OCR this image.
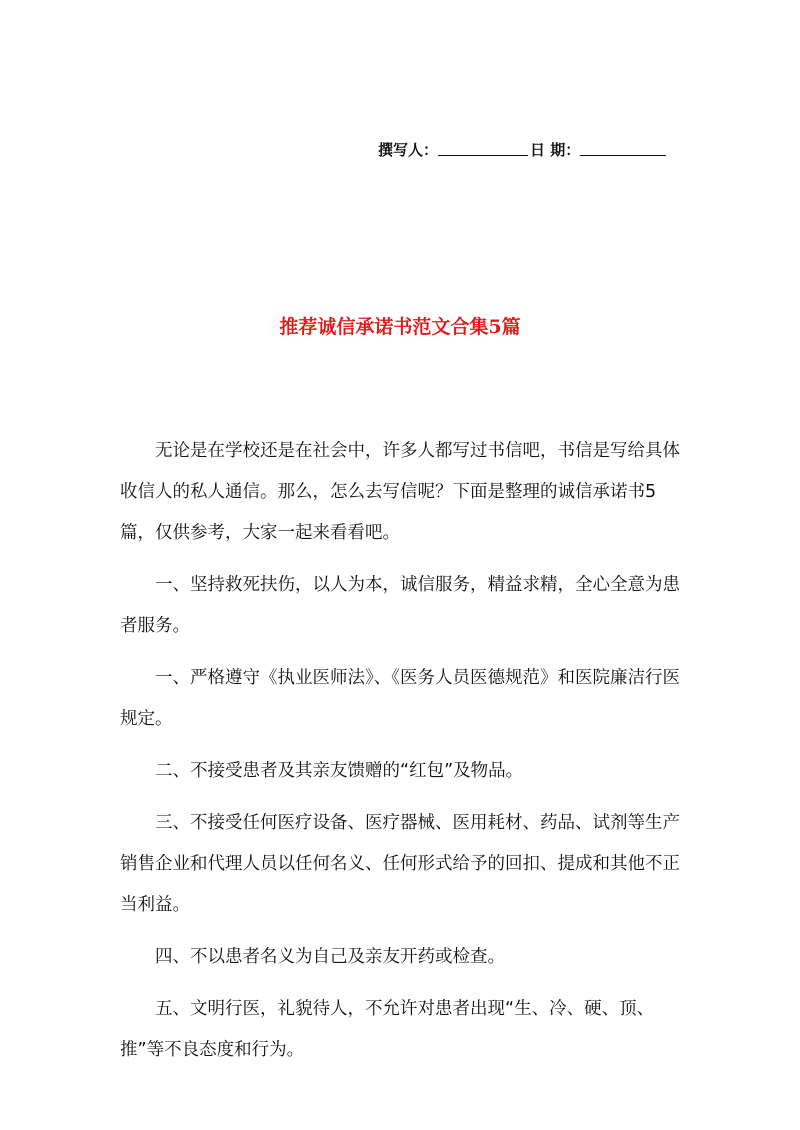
撰写人：	日 期：
推荐诚信承诺书范文合集5篇

无论是在学校还是在社会中，许多人都写过书信吧，书信是写给具体收信人的私人通信。那么，怎么去写信呢？下面是整理的诚信承诺书5篇，仅供参考，大家一起来看看吧。

一、坚持救死扶伤，以人为本，诚信服务，精益求精，全心全意为患者服务。

一、严格遵守《执业医师法》、《医务人员医德规范》和医院廉洁行医规定。

二、不接受患者及其亲友馈赠的“红包”及物品。

三、不接受任何医疗设备、医疗器械、医用耗材、药品、试剂等生产销售企业和代理人员以任何名义、任何形式给予的回扣、提成和其他不正当利益。

四、不以患者名义为自己及亲友开药或检查。

五、文明行医，礼貌待人，不允许对患者出现“生、冷、硬、顶、推”等不良态度和行为。
